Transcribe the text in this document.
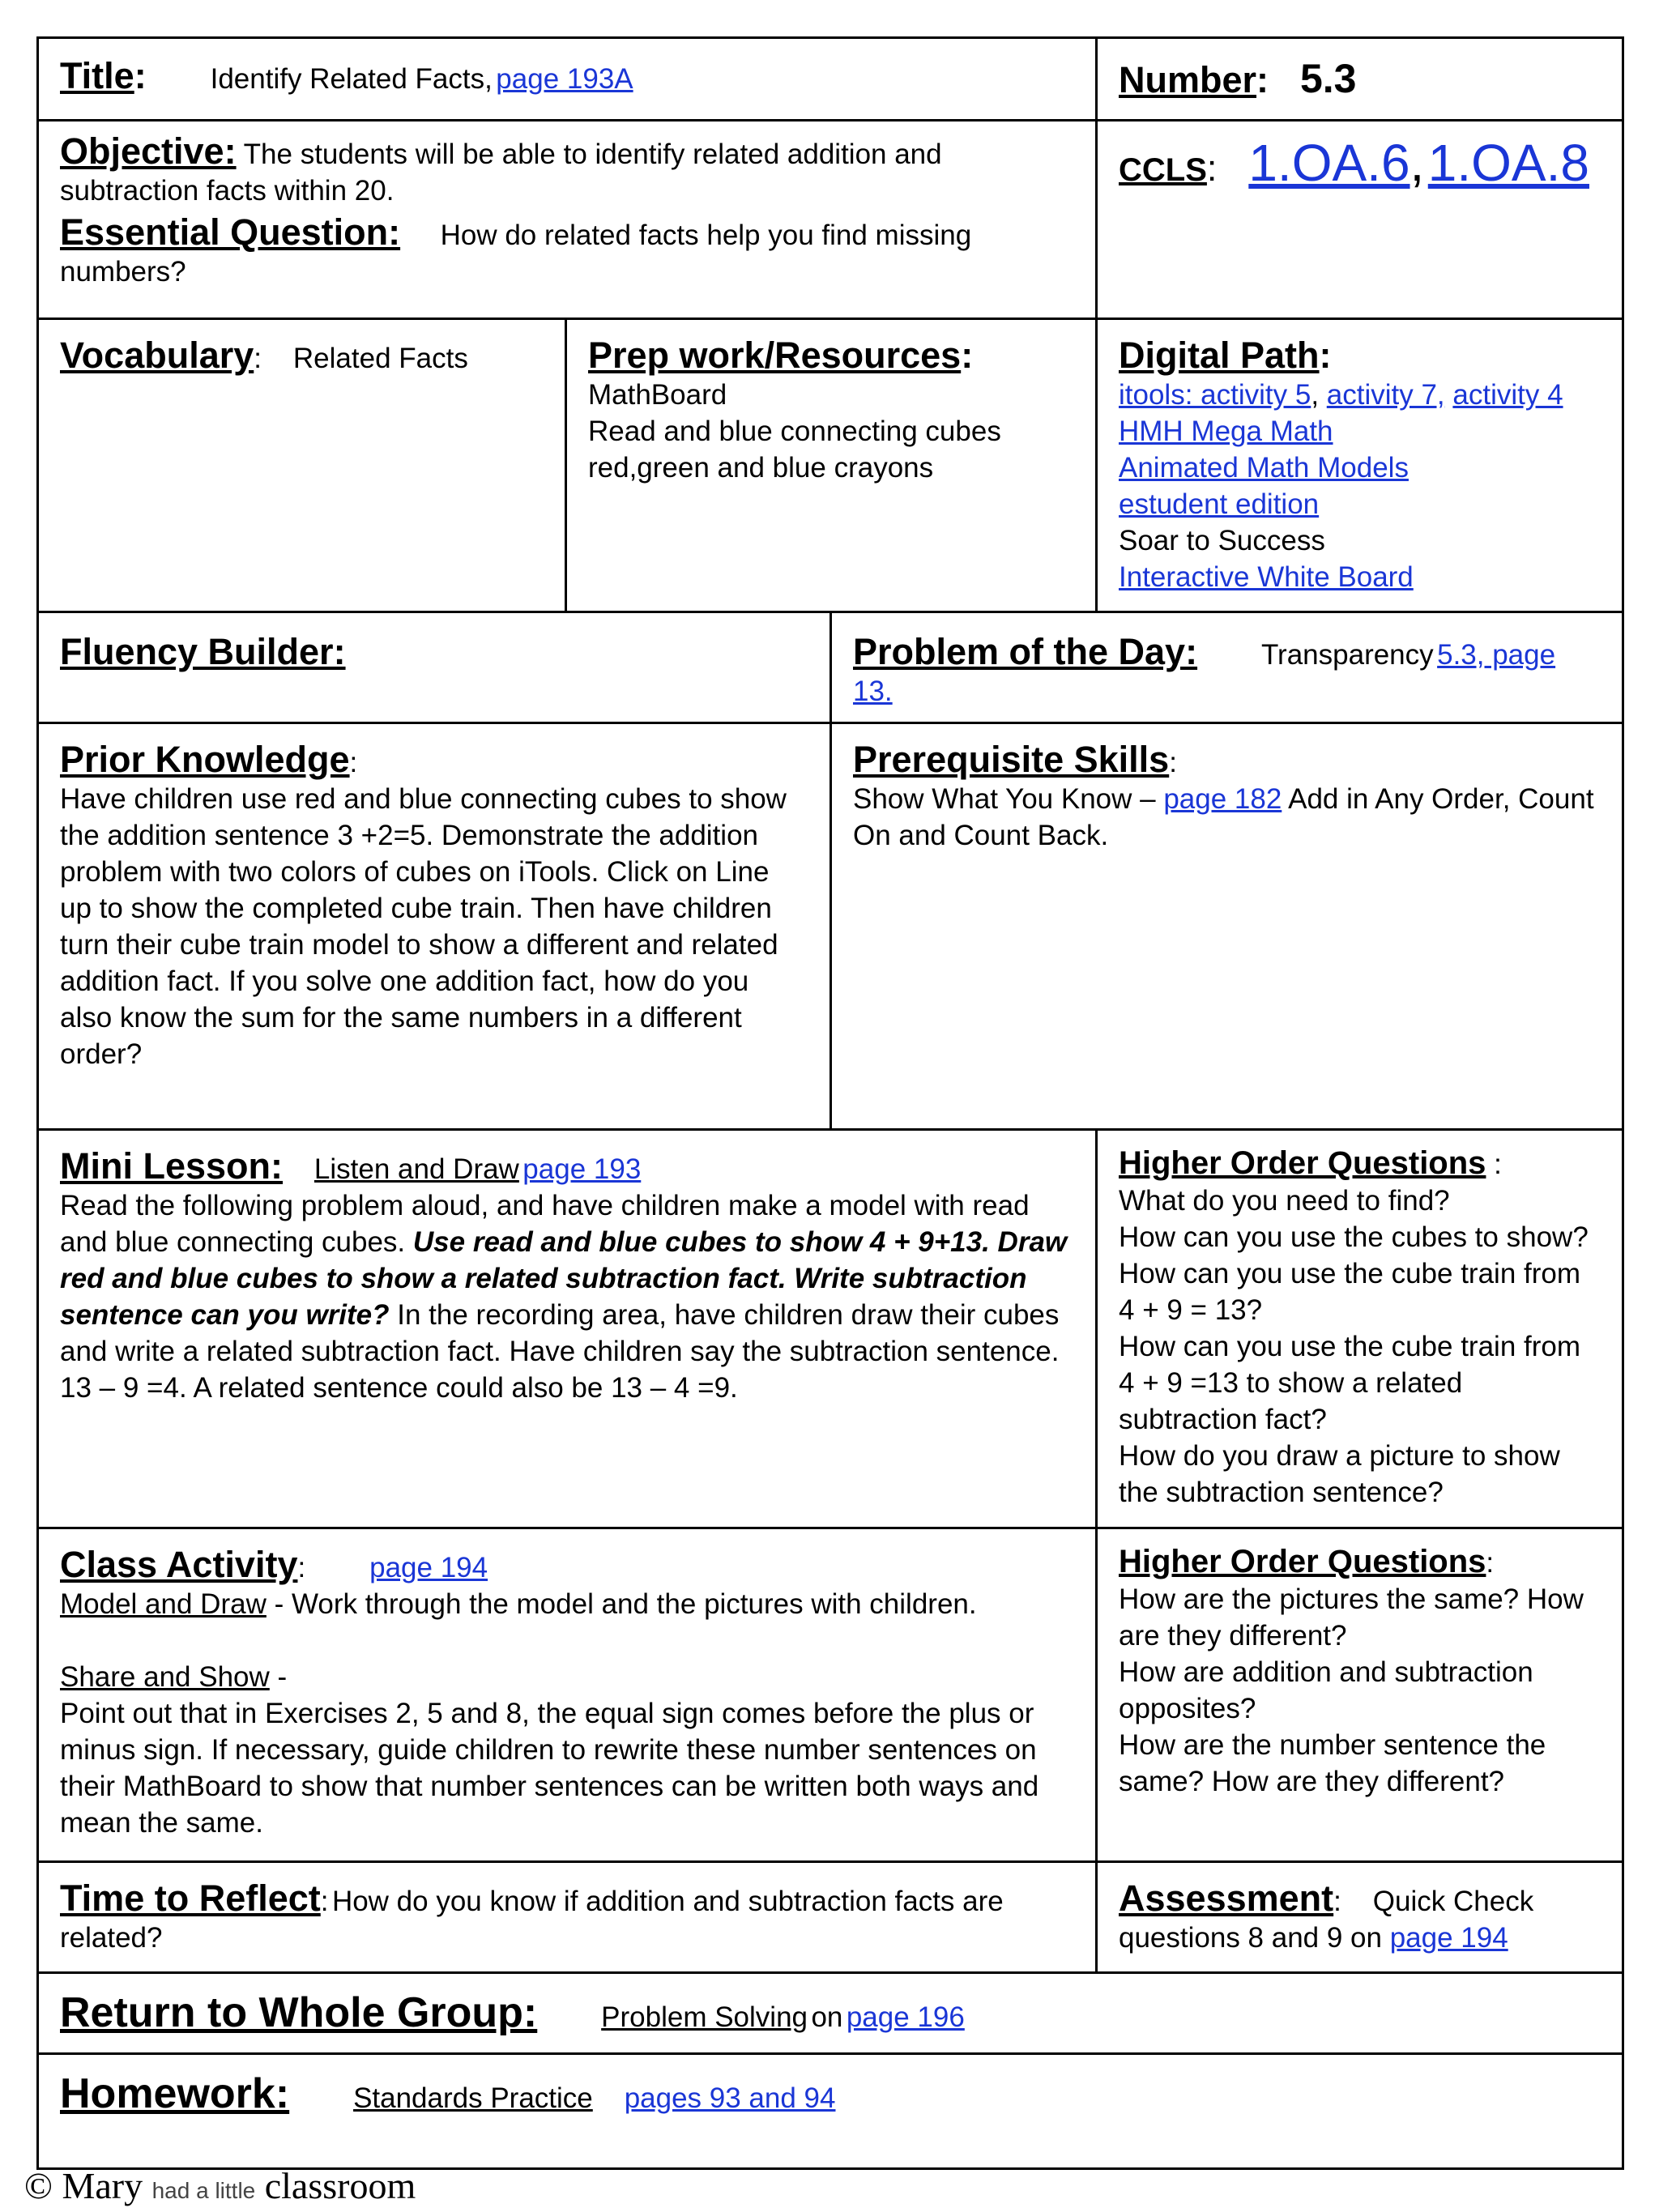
Title: Identify Related Facts, page 193A	Number: 5.3
Objective: The students will be able to identify related addition and subtraction facts within 20.
Essential Question: How do related facts help you find missing numbers?
CCLS: 1.OA.6, 1.OA.8
Vocabulary: Related Facts	Prep work/Resources:
MathBoard
Read and blue connecting cubes
red,green and blue crayons
Digital Path:
itools: activity 5, activity 7, activity 4
HMH Mega Math
Animated Math Models
estudent edition
Soar to Success
Interactive White Board
Fluency Builder:	Problem of the Day: Transparency 5.3, page 13.
Prior Knowledge:
Have children use red and blue connecting cubes to show the addition sentence 3 +2=5. Demonstrate the addition problem with two colors of cubes on iTools. Click on Line up to show the completed cube train. Then have children turn their cube train model to show a different and related addition fact. If you solve one addition fact, how do you also know the sum for the same numbers in a different order?
Prerequisite Skills:
Show What You Know – page 182 Add in Any Order, Count On and Count Back.
Mini Lesson: Listen and Draw page 193
Read the following problem aloud, and have children make a model with read and blue connecting cubes. Use read and blue cubes to show 4 + 9+13. Draw red and blue cubes to show a related subtraction fact. Write subtraction sentence can you write? In the recording area, have children draw their cubes and write a related subtraction fact. Have children say the subtraction sentence.
13 – 9 =4. A related sentence could also be 13 – 4 =9.
Higher Order Questions :
What do you need to find?
How can you use the cubes to show?
How can you use the cube train from 4 + 9 = 13?
How can you use the cube train from 4 + 9 =13 to show a related subtraction fact?
How do you draw a picture to show the subtraction sentence?
Class Activity: page 194
Model and Draw - Work through the model and the pictures with children.
Share and Show -
Point out that in Exercises 2, 5 and 8, the equal sign comes before the plus or minus sign. If necessary, guide children to rewrite these number sentences on their MathBoard to show that number sentences can be written both ways and mean the same.
Higher Order Questions:
How are the pictures the same? How are they different?
How are addition and subtraction opposites?
How are the number sentence the same? How are they different?
Time to Reflect: How do you know if addition and subtraction facts are related?
Assessment: Quick Check
questions 8 and 9 on page 194
Return to Whole Group: Problem Solving on page 196
Homework: Standards Practice pages 93 and 94
© Mary had a little classroom
